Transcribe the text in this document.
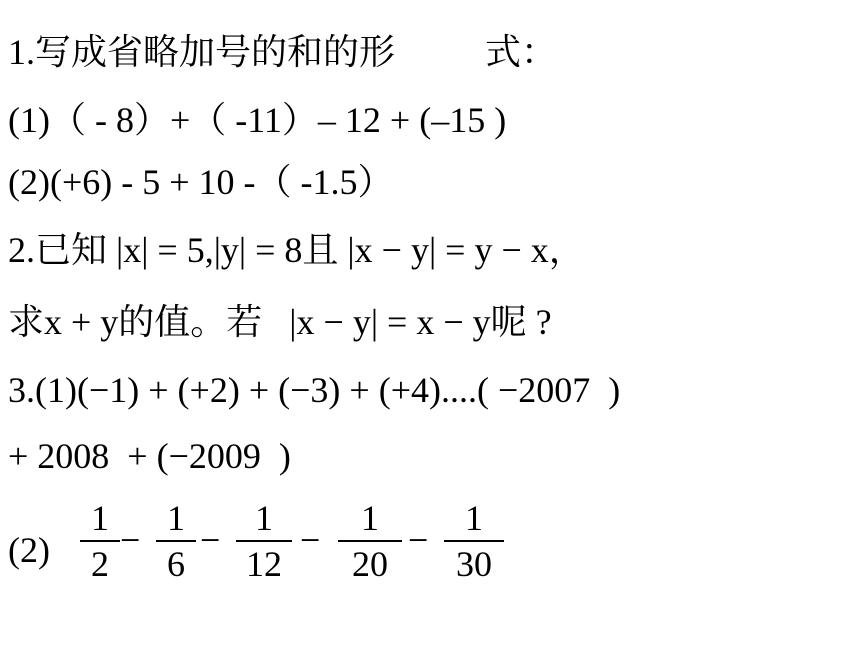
1.写成省略加号的和的形          式：
(1)（ - 8）+（ -11）– 12 + (–15 )
(2)(+6) - 5 + 10 -（ -1.5）
2.已知 |x| = 5,|y| = 8且 |x − y| = y − x，
求x + y的值。若   |x − y| = x − y呢 ?
3.(1)(−1) + (+2) + (−3) + (+4)....( −2007  )
+ 2008  + (−2009  )
(2)
1
2
−
1
6
−
1
12
−
1
20
−
1
30
